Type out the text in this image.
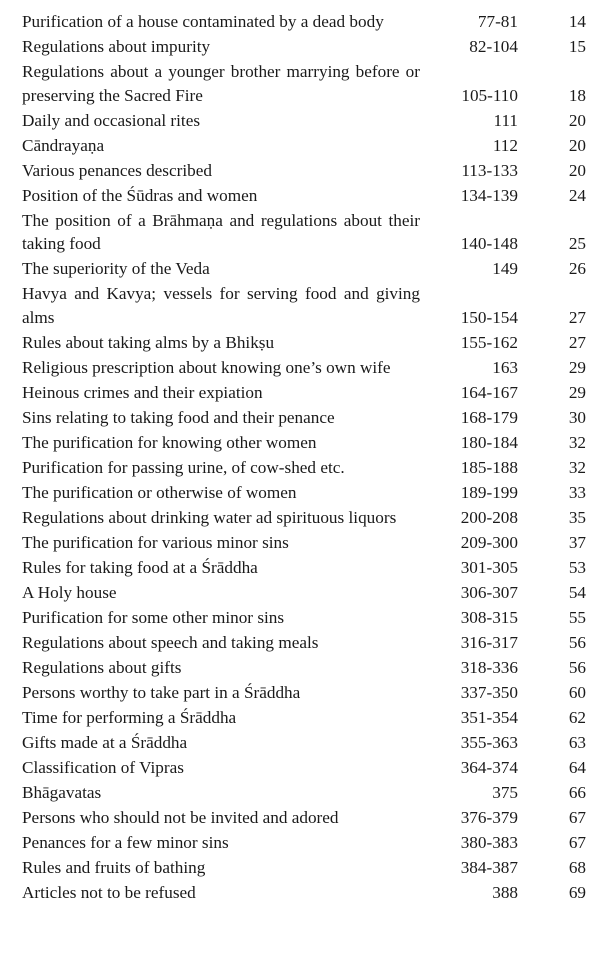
Purification of a house contaminated by a dead body	77-81	14
Regulations about impurity	82-104	15
Regulations about a younger brother marrying before or preserving the Sacred Fire	105-110	18
Daily and occasional rites	111	20
Cāndrayaṇa	112	20
Various penances described	113-133	20
Position of the Śūdras and women	134-139	24
The position of a Brāhmaṇa and regulations about their taking food	140-148	25
The superiority of the Veda	149	26
Havya and Kavya; vessels for serving food and giving alms	150-154	27
Rules about taking alms by a Bhikṣu	155-162	27
Religious prescription about knowing one’s own wife	163	29
Heinous crimes and their expiation	164-167	29
Sins relating to taking food and their penance	168-179	30
The purification for knowing other women	180-184	32
Purification for passing urine, of cow-shed etc.	185-188	32
The purification or otherwise of women	189-199	33
Regulations about drinking water ad spirituous liquors	200-208	35
The purification for various minor sins	209-300	37
Rules for taking food at a Śrāddha	301-305	53
A Holy house	306-307	54
Purification for some other minor sins	308-315	55
Regulations about speech and taking meals	316-317	56
Regulations about gifts	318-336	56
Persons worthy to take part in a Śrāddha	337-350	60
Time for performing a Śrāddha	351-354	62
Gifts made at a Śrāddha	355-363	63
Classification of Vipras	364-374	64
Bhāgavatas	375	66
Persons who should not be invited and adored	376-379	67
Penances for a few minor sins	380-383	67
Rules and fruits of bathing	384-387	68
Articles not to be refused	388	69
